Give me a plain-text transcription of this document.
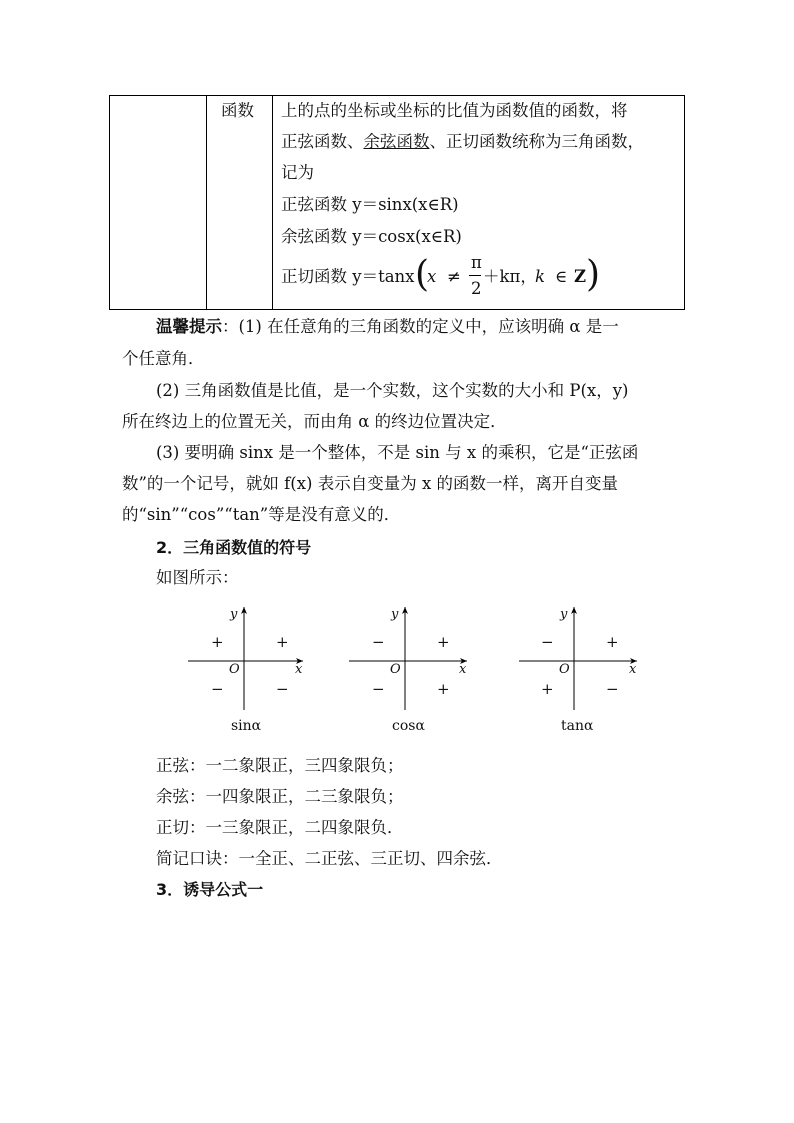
函数 上的点的坐标或坐标的比值为函数值的函数，将
正弦函数、余弦函数、正切函数统称为三角函数，
记为
正弦函数 y＝sinx(x∈R)
余弦函数 y＝cosx(x∈R)
正切函数 y＝tanx (
x ≠
π
2
＋kπ，
k ∈ Z )
温馨提示：(1) 在任意角的三角函数的定义中，应该明确 α 是一
个任意角．
(2) 三角函数值是比值，是一个实数，这个实数的大小和 P(x，y)
所在终边上的位置无关，而由角 α 的终边位置决定．
(3) 要明确 sinx 是一个整体，不是 sin 与 x 的乘积，它是“正弦函
数”的一个记号，就如 f(x) 表示自变量为 x 的函数一样，离开自变量
的“sin”“cos”“tan”等是没有意义的．
2．三角函数值的符号
如图所示：
y
x
O
+	+
−	−
sinα
y
x
O
−	+
−	+
cosα
y
x
O
−	+
+	−
tanα
正弦：一二象限正，三四象限负；
余弦：一四象限正，二三象限负；
正切：一三象限正，二四象限负．
简记口诀：一全正、二正弦、三正切、四余弦．
3．诱导公式一
